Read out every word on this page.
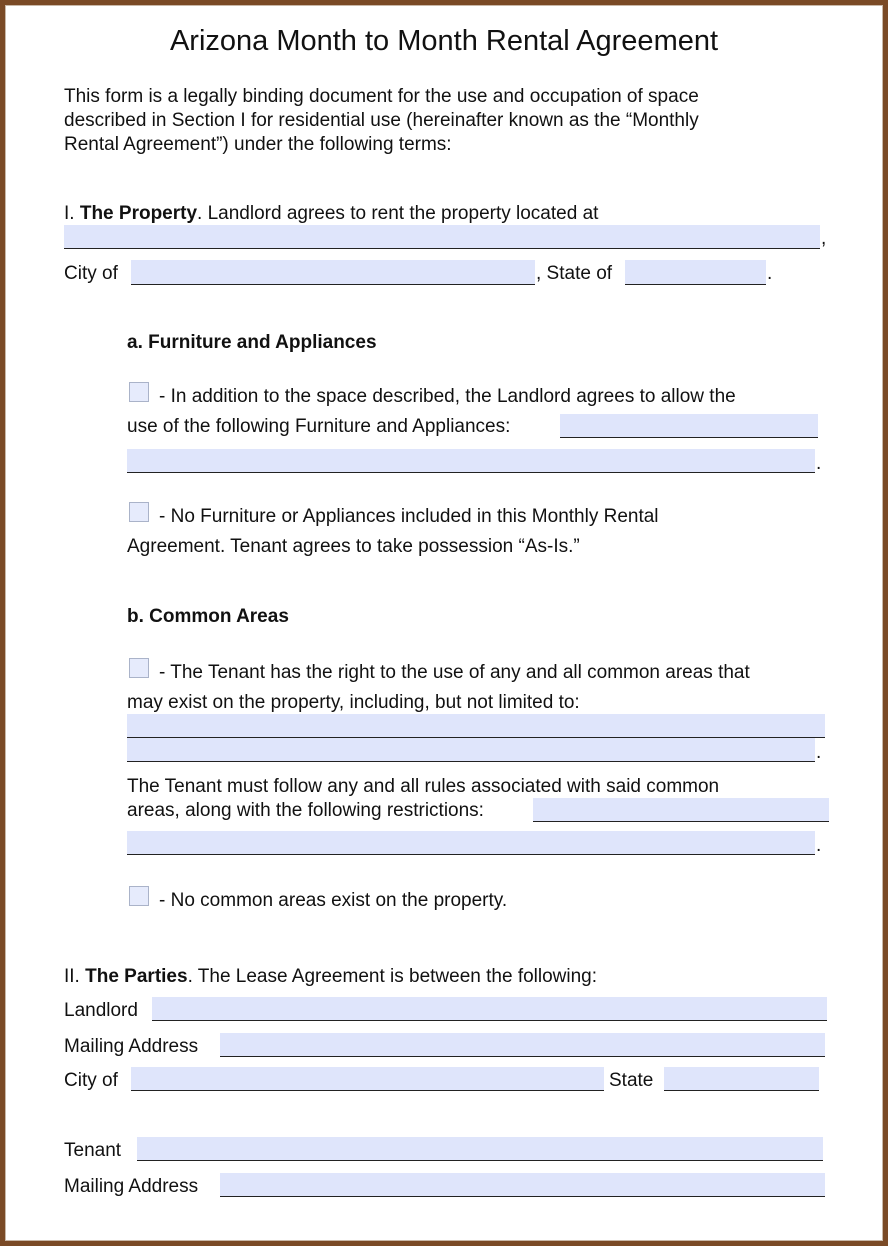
Arizona Month to Month Rental Agreement
This form is a legally binding document for the use and occupation of space
described in Section I for residential use (hereinafter known as the “Monthly
Rental Agreement”) under the following terms:
I. The Property. Landlord agrees to rent the property located at
,
City of	, State of	.
a. Furniture and Appliances
- In addition to the space described, the Landlord agrees to allow the
use of the following Furniture and Appliances:
.
- No Furniture or Appliances included in this Monthly Rental
Agreement. Tenant agrees to take possession “As-Is.”
b. Common Areas
- The Tenant has the right to the use of any and all common areas that
may exist on the property, including, but not limited to:
.
The Tenant must follow any and all rules associated with said common
areas, along with the following restrictions:
.
- No common areas exist on the property.
II. The Parties. The Lease Agreement is between the following:
Landlord
Mailing Address
City of	State
Tenant
Mailing Address
